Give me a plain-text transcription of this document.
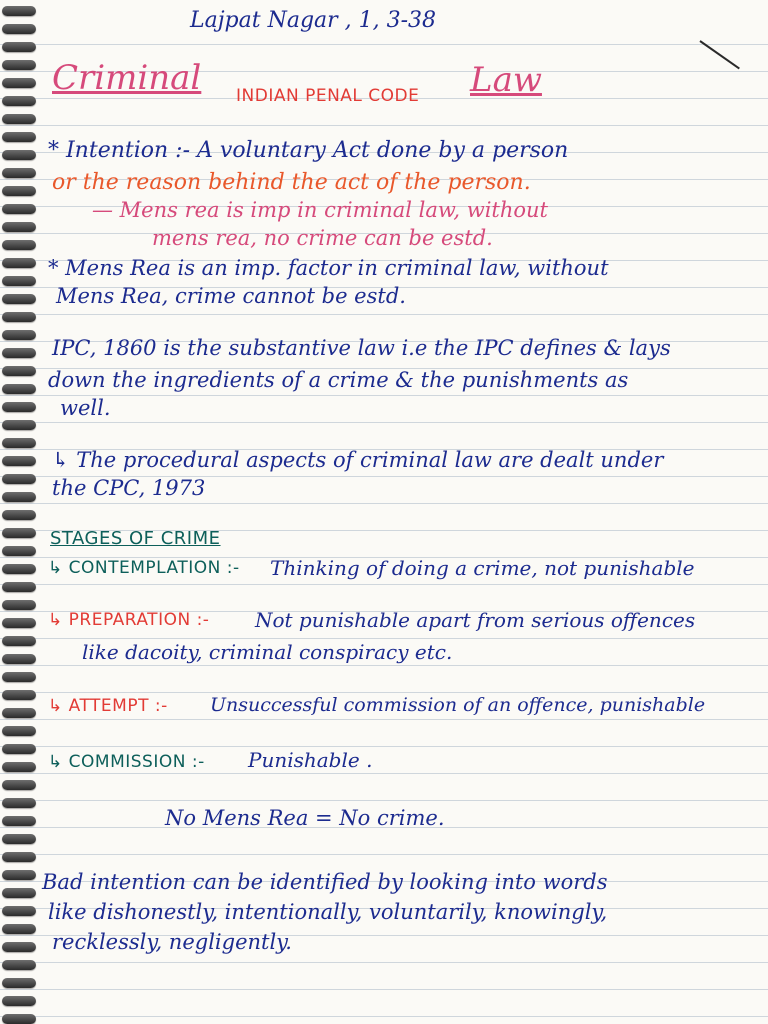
Lajpat Nagar , 1, 3-38
Criminal INDIAN PENAL CODE Law
* Intention :- A voluntary Act done by a person
or the reason behind the act of the person.
— Mens rea is imp in criminal law, without
mens rea, no crime can be estd.
* Mens Rea is an imp. factor in criminal law, without
Mens Rea, crime cannot be estd.
IPC, 1860 is the substantive law i.e the IPC defines & lays
down the ingredients of a crime & the punishments as
well.
↳ The procedural aspects of criminal law are dealt under
the CPC, 1973
STAGES OF CRIME
↳ CONTEMPLATION :- Thinking of doing a crime, not punishable
↳ PREPARATION :- Not punishable apart from serious offences
like dacoity, criminal conspiracy etc.
↳ ATTEMPT :- Unsuccessful commission of an offence, punishable
↳ COMMISSION :- Punishable .
No Mens Rea = No crime.
Bad intention can be identified by looking into words
like dishonestly, intentionally, voluntarily, knowingly,
recklessly, negligently.
